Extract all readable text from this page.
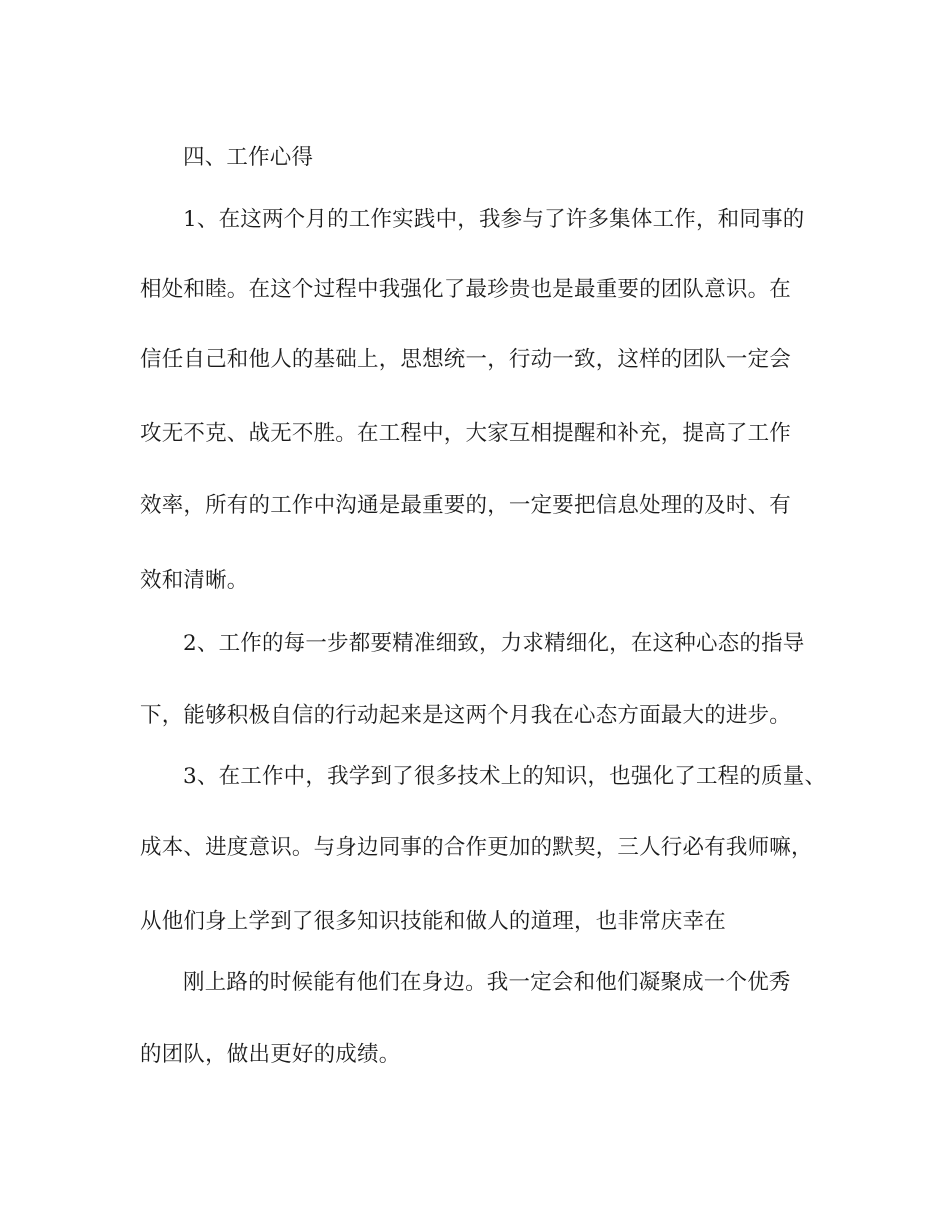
四、工作心得
1、在这两个月的工作实践中，我参与了许多集体工作，和同事的
相处和睦。在这个过程中我强化了最珍贵也是最重要的团队意识。在
信任自己和他人的基础上，思想统一，行动一致，这样的团队一定会
攻无不克、战无不胜。在工程中，大家互相提醒和补充，提高了工作
效率，所有的工作中沟通是最重要的，一定要把信息处理的及时、有
效和清晰。
2、工作的每一步都要精准细致，力求精细化，在这种心态的指导
下，能够积极自信的行动起来是这两个月我在心态方面最大的进步。
3、在工作中，我学到了很多技术上的知识，也强化了工程的质量、
成本、进度意识。与身边同事的合作更加的默契，三人行必有我师嘛，
从他们身上学到了很多知识技能和做人的道理，也非常庆幸在
刚上路的时候能有他们在身边。我一定会和他们凝聚成一个优秀
的团队，做出更好的成绩。
